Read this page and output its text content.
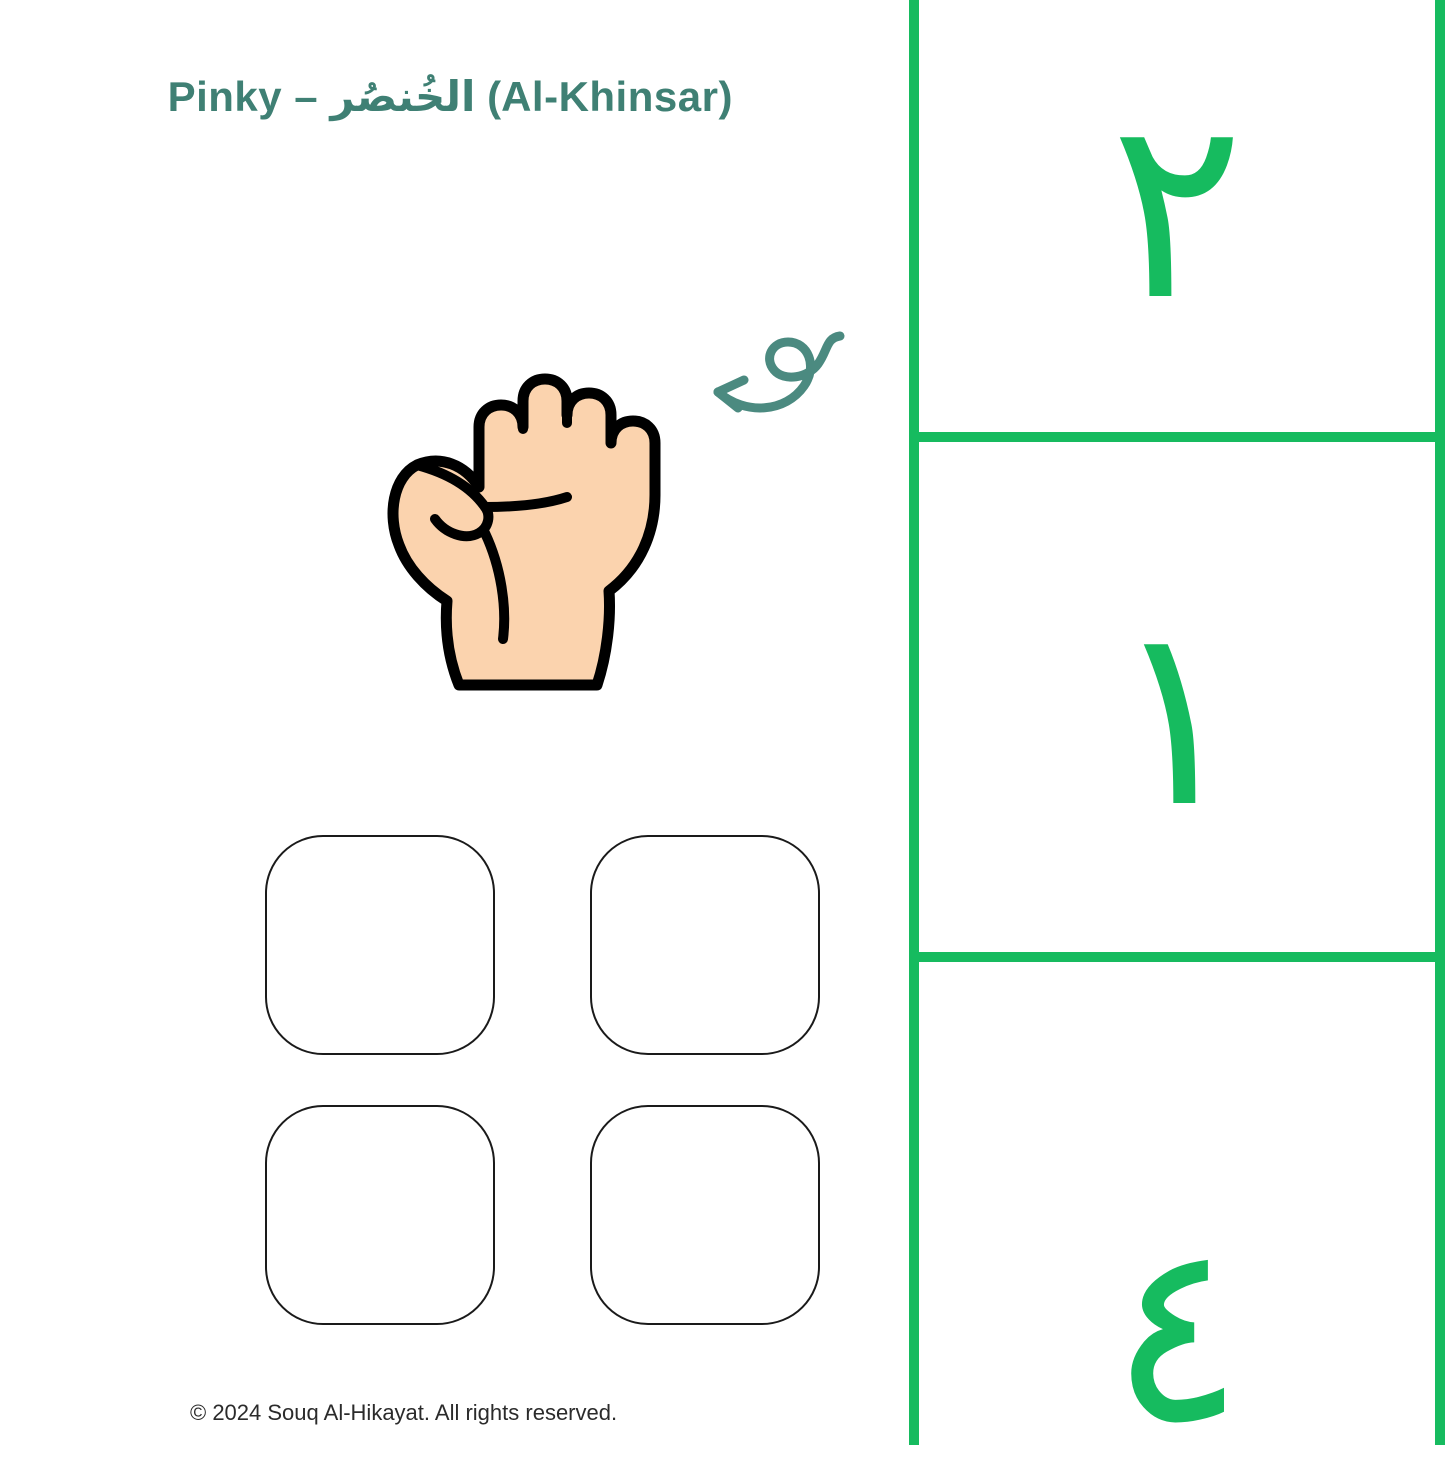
Pinky – الخُنصُر (Al-Khinsar)
© 2024 Souq Al-Hikayat. All rights reserved.
٢
١
٤
